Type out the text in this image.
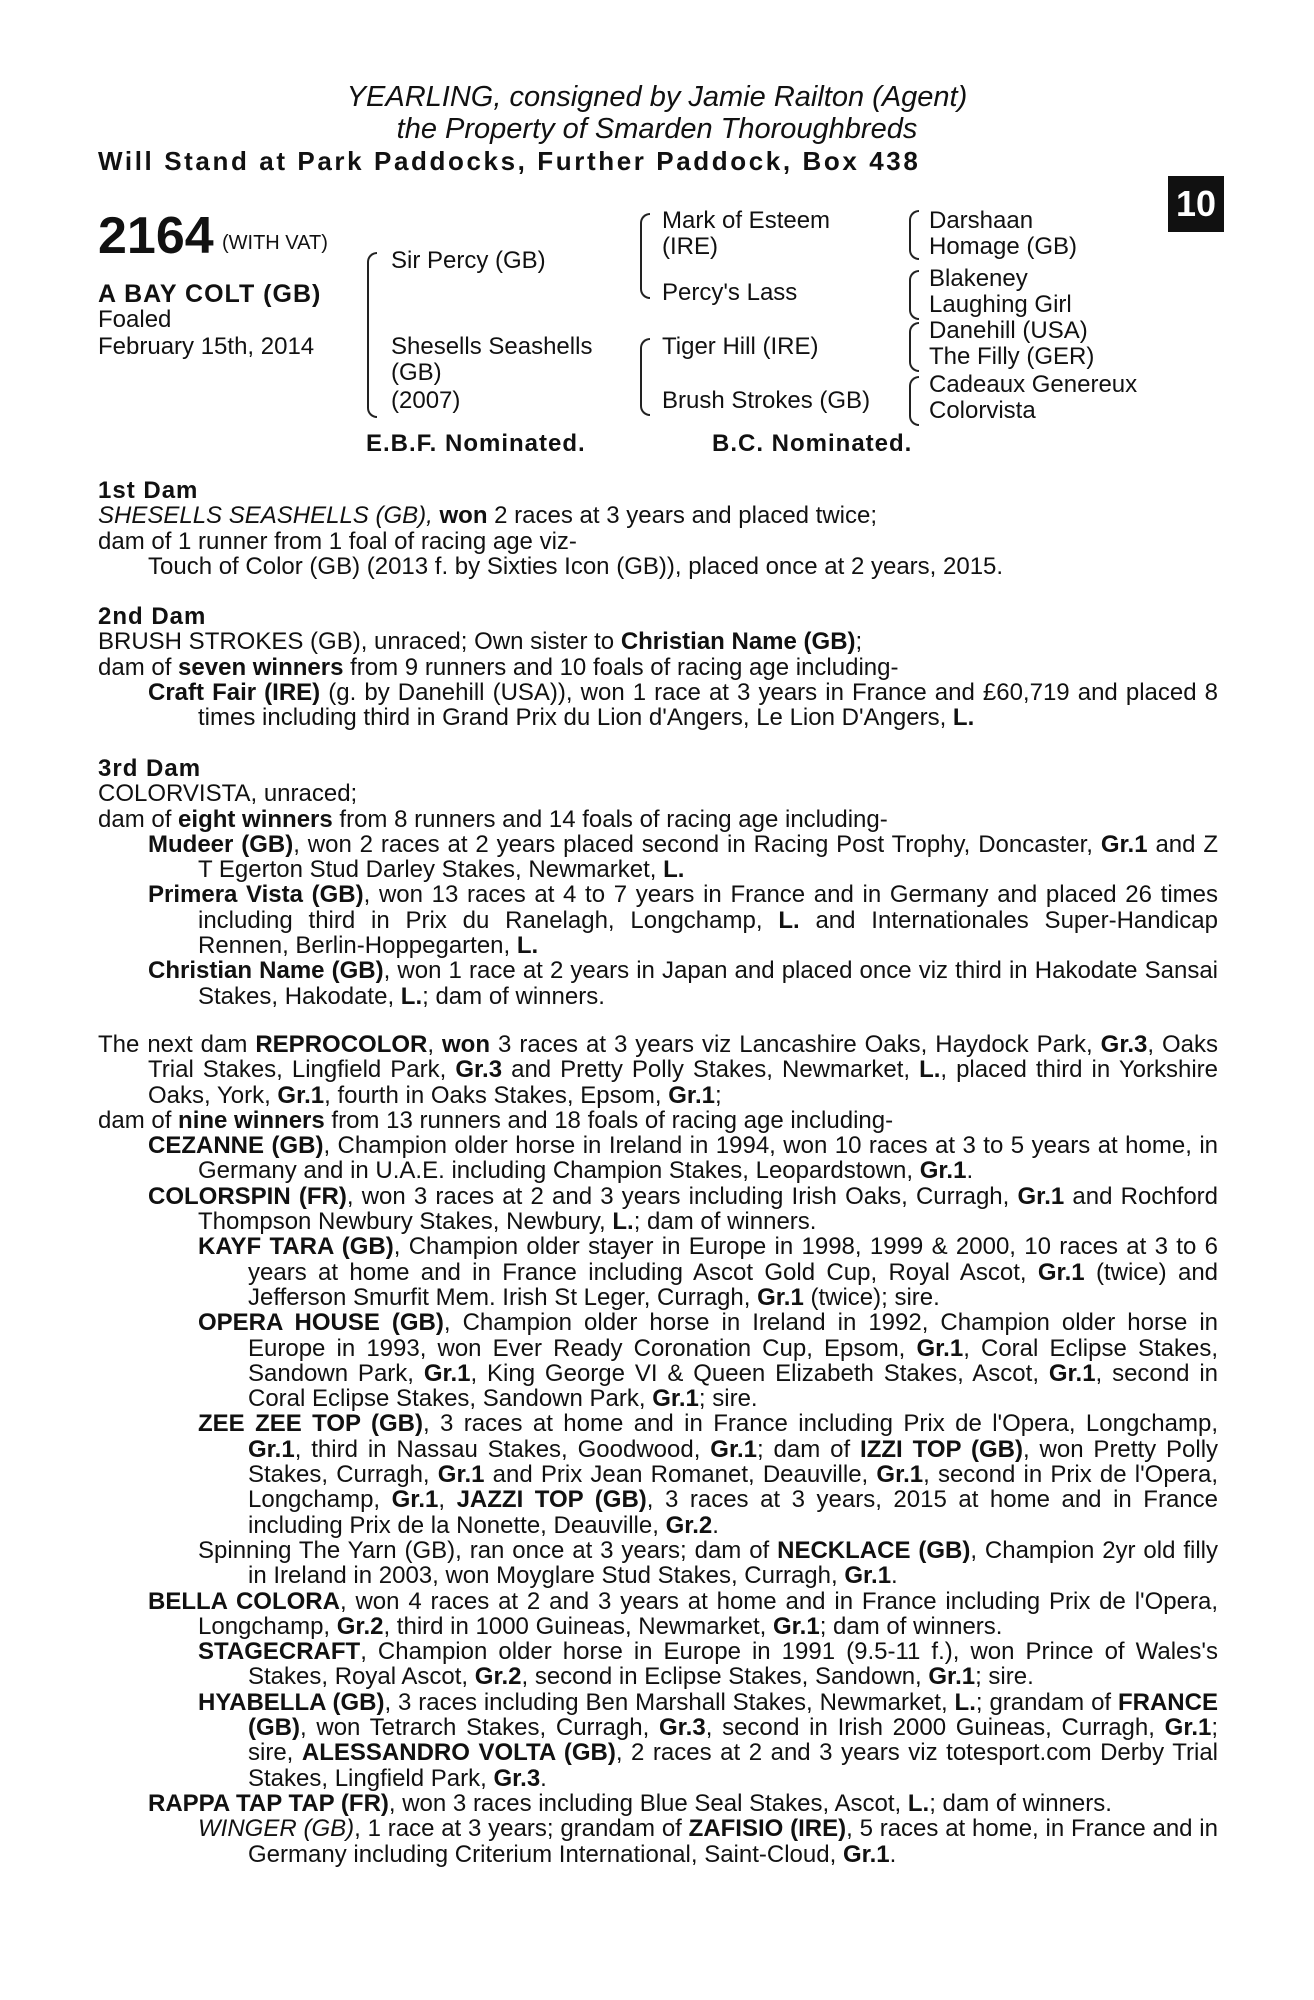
YEARLING, consigned by Jamie Railton (Agent)
the Property of Smarden Thoroughbreds
Will Stand at Park Paddocks, Further Paddock, Box 438
10
2164 (WITH VAT)
A BAY COLT (GB)
Foaled
February 15th, 2014
Sir Percy (GB)
Shesells Seashells
(GB)
(2007)
Mark of Esteem
(IRE)
Percy's Lass
Tiger Hill (IRE)
Brush Strokes (GB)
Darshaan
Homage (GB)
Blakeney
Laughing Girl
Danehill (USA)
The Filly (GER)
Cadeaux Genereux
Colorvista
E.B.F. Nominated.	B.C. Nominated.

1st Dam

SHESELLS SEASHELLS (GB), won 2 races at 3 years and placed twice;

dam of 1 runner from 1 foal of racing age viz-

Touch of Color (GB) (2013 f. by Sixties Icon (GB)), placed once at 2 years, 2015.

2nd Dam

BRUSH STROKES (GB), unraced; Own sister to Christian Name (GB);

dam of seven winners from 9 runners and 10 foals of racing age including-

Craft Fair (IRE) (g. by Danehill (USA)), won 1 race at 3 years in France and £60,719 and placed 8 times including third in Grand Prix du Lion d'Angers, Le Lion D'Angers, L.

3rd Dam

COLORVISTA, unraced;

dam of eight winners from 8 runners and 14 foals of racing age including-

Mudeer (GB), won 2 races at 2 years placed second in Racing Post Trophy, Doncaster, Gr.1 and Z T Egerton Stud Darley Stakes, Newmarket, L.

Primera Vista (GB), won 13 races at 4 to 7 years in France and in Germany and placed 26 times including third in Prix du Ranelagh, Longchamp, L. and Internationales Super-Handicap Rennen, Berlin-Hoppegarten, L.

Christian Name (GB), won 1 race at 2 years in Japan and placed once viz third in Hakodate Sansai Stakes, Hakodate, L.; dam of winners.

The next dam REPROCOLOR, won 3 races at 3 years viz Lancashire Oaks, Haydock Park, Gr.3, Oaks Trial Stakes, Lingfield Park, Gr.3 and Pretty Polly Stakes, Newmarket, L., placed third in Yorkshire Oaks, York, Gr.1, fourth in Oaks Stakes, Epsom, Gr.1;

dam of nine winners from 13 runners and 18 foals of racing age including-

CEZANNE (GB), Champion older horse in Ireland in 1994, won 10 races at 3 to 5 years at home, in Germany and in U.A.E. including Champion Stakes, Leopardstown, Gr.1.

COLORSPIN (FR), won 3 races at 2 and 3 years including Irish Oaks, Curragh, Gr.1 and Rochford Thompson Newbury Stakes, Newbury, L.; dam of winners.

KAYF TARA (GB), Champion older stayer in Europe in 1998, 1999 & 2000, 10 races at 3 to 6 years at home and in France including Ascot Gold Cup, Royal Ascot, Gr.1 (twice) and Jefferson Smurfit Mem. Irish St Leger, Curragh, Gr.1 (twice); sire.

OPERA HOUSE (GB), Champion older horse in Ireland in 1992, Champion older horse in Europe in 1993, won Ever Ready Coronation Cup, Epsom, Gr.1, Coral Eclipse Stakes, Sandown Park, Gr.1, King George VI & Queen Elizabeth Stakes, Ascot, Gr.1, second in Coral Eclipse Stakes, Sandown Park, Gr.1; sire.

ZEE ZEE TOP (GB), 3 races at home and in France including Prix de l'Opera, Longchamp, Gr.1, third in Nassau Stakes, Goodwood, Gr.1; dam of IZZI TOP (GB), won Pretty Polly Stakes, Curragh, Gr.1 and Prix Jean Romanet, Deauville, Gr.1, second in Prix de l'Opera, Longchamp, Gr.1, JAZZI TOP (GB), 3 races at 3 years, 2015 at home and in France including Prix de la Nonette, Deauville, Gr.2.

Spinning The Yarn (GB), ran once at 3 years; dam of NECKLACE (GB), Champion 2yr old filly in Ireland in 2003, won Moyglare Stud Stakes, Curragh, Gr.1.

BELLA COLORA, won 4 races at 2 and 3 years at home and in France including Prix de l'Opera, Longchamp, Gr.2, third in 1000 Guineas, Newmarket, Gr.1; dam of winners.

STAGECRAFT, Champion older horse in Europe in 1991 (9.5-11 f.), won Prince of Wales's Stakes, Royal Ascot, Gr.2, second in Eclipse Stakes, Sandown, Gr.1; sire.

HYABELLA (GB), 3 races including Ben Marshall Stakes, Newmarket, L.; grandam of FRANCE (GB), won Tetrarch Stakes, Curragh, Gr.3, second in Irish 2000 Guineas, Curragh, Gr.1; sire, ALESSANDRO VOLTA (GB), 2 races at 2 and 3 years viz totesport.com Derby Trial Stakes, Lingfield Park, Gr.3.

RAPPA TAP TAP (FR), won 3 races including Blue Seal Stakes, Ascot, L.; dam of winners.

WINGER (GB), 1 race at 3 years; grandam of ZAFISIO (IRE), 5 races at home, in France and in Germany including Criterium International, Saint-Cloud, Gr.1.
